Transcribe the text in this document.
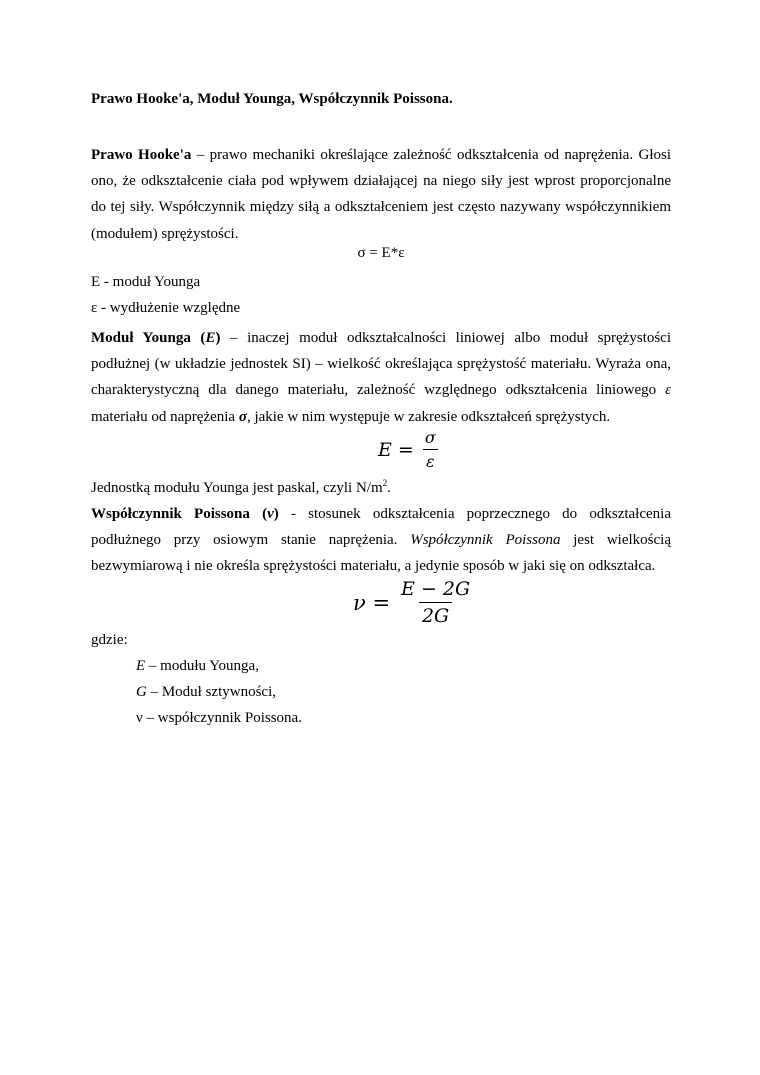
Prawo Hooke'a, Moduł Younga, Współczynnik Poissona.
Prawo Hooke'a – prawo mechaniki określające zależność odkształcenia od naprężenia. Głosi ono, że odkształcenie ciała pod wpływem działającej na niego siły jest wprost proporcjonalne do tej siły. Współczynnik między siłą a odkształceniem jest często nazywany współczynnikiem (modułem) sprężystości.
σ = E*ε
E - moduł Younga
ε - wydłużenie względne
Moduł Younga (E) – inaczej moduł odkształcalności liniowej albo moduł sprężystości podłużnej (w układzie jednostek SI) – wielkość określająca sprężystość materiału. Wyraża ona, charakterystyczną dla danego materiału, zależność względnego odkształcenia liniowego ε materiału od naprężenia σ, jakie w nim występuje w zakresie odkształceń sprężystych.
$E = \frac{\sigma}{\varepsilon}$
Jednostką modułu Younga jest paskal, czyli $N/m^2$.
Współczynnik Poissona (ν) - stosunek odkształcenia poprzecznego do odkształcenia podłużnego przy osiowym stanie naprężenia. Współczynnik Poissona jest wielkością bezwymiarową i nie określa sprężystości materiału, a jedynie sposób w jaki się on odkształca.
$\nu = \frac{E - 2G}{2G}$
gdzie:
E – modułu Younga,
G – Moduł sztywności,
ν – współczynnik Poissona.
